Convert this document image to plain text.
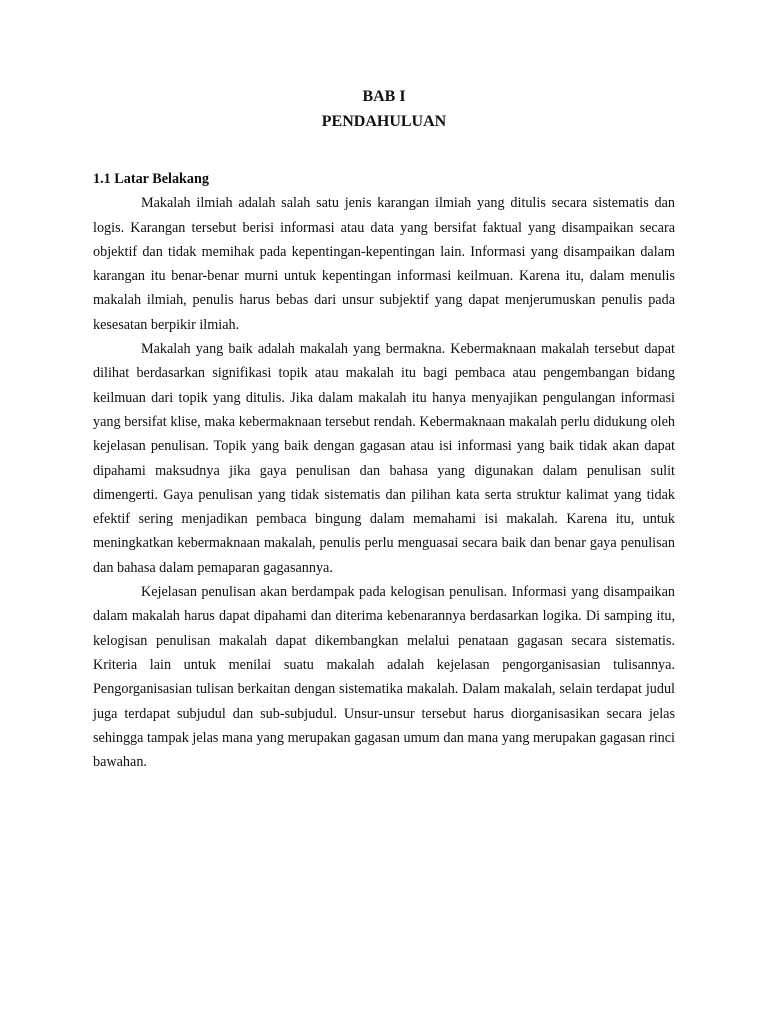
BAB I
PENDAHULUAN

1.1 Latar Belakang

Makalah ilmiah adalah salah satu jenis karangan ilmiah yang ditulis secara sistematis dan logis. Karangan tersebut berisi informasi atau data yang bersifat faktual yang disampaikan secara objektif dan tidak memihak pada kepentingan-kepentingan lain. Informasi yang disampaikan dalam karangan itu benar-benar murni untuk kepentingan informasi keilmuan. Karena itu, dalam menulis makalah ilmiah, penulis harus bebas dari unsur subjektif yang dapat menjerumuskan penulis pada kesesatan berpikir ilmiah.

Makalah yang baik adalah makalah yang bermakna. Kebermaknaan makalah tersebut dapat dilihat berdasarkan signifikasi topik atau makalah itu bagi pembaca atau pengembangan bidang keilmuan dari topik yang ditulis. Jika dalam makalah itu hanya menyajikan pengulangan informasi yang bersifat klise, maka kebermaknaan tersebut rendah. Kebermaknaan makalah perlu didukung oleh kejelasan penulisan. Topik yang baik dengan gagasan atau isi informasi yang baik tidak akan dapat dipahami maksudnya jika gaya penulisan dan bahasa yang digunakan dalam penulisan sulit dimengerti. Gaya penulisan yang tidak sistematis dan pilihan kata serta struktur kalimat yang tidak efektif sering menjadikan pembaca bingung dalam memahami isi makalah. Karena itu, untuk meningkatkan kebermaknaan makalah, penulis perlu menguasai secara baik dan benar gaya penulisan dan bahasa dalam pemaparan gagasannya.

Kejelasan penulisan akan berdampak pada kelogisan penulisan. Informasi yang disampaikan dalam makalah harus dapat dipahami dan diterima kebenarannya berdasarkan logika. Di samping itu, kelogisan penulisan makalah dapat dikembangkan melalui penataan gagasan secara sistematis. Kriteria lain untuk menilai suatu makalah adalah kejelasan pengorganisasian tulisannya. Pengorganisasian tulisan berkaitan dengan sistematika makalah. Dalam makalah, selain terdapat judul juga terdapat subjudul dan sub-subjudul. Unsur-unsur tersebut harus diorganisasikan secara jelas sehingga tampak jelas mana yang merupakan gagasan umum dan mana yang merupakan gagasan rinci bawahan.
